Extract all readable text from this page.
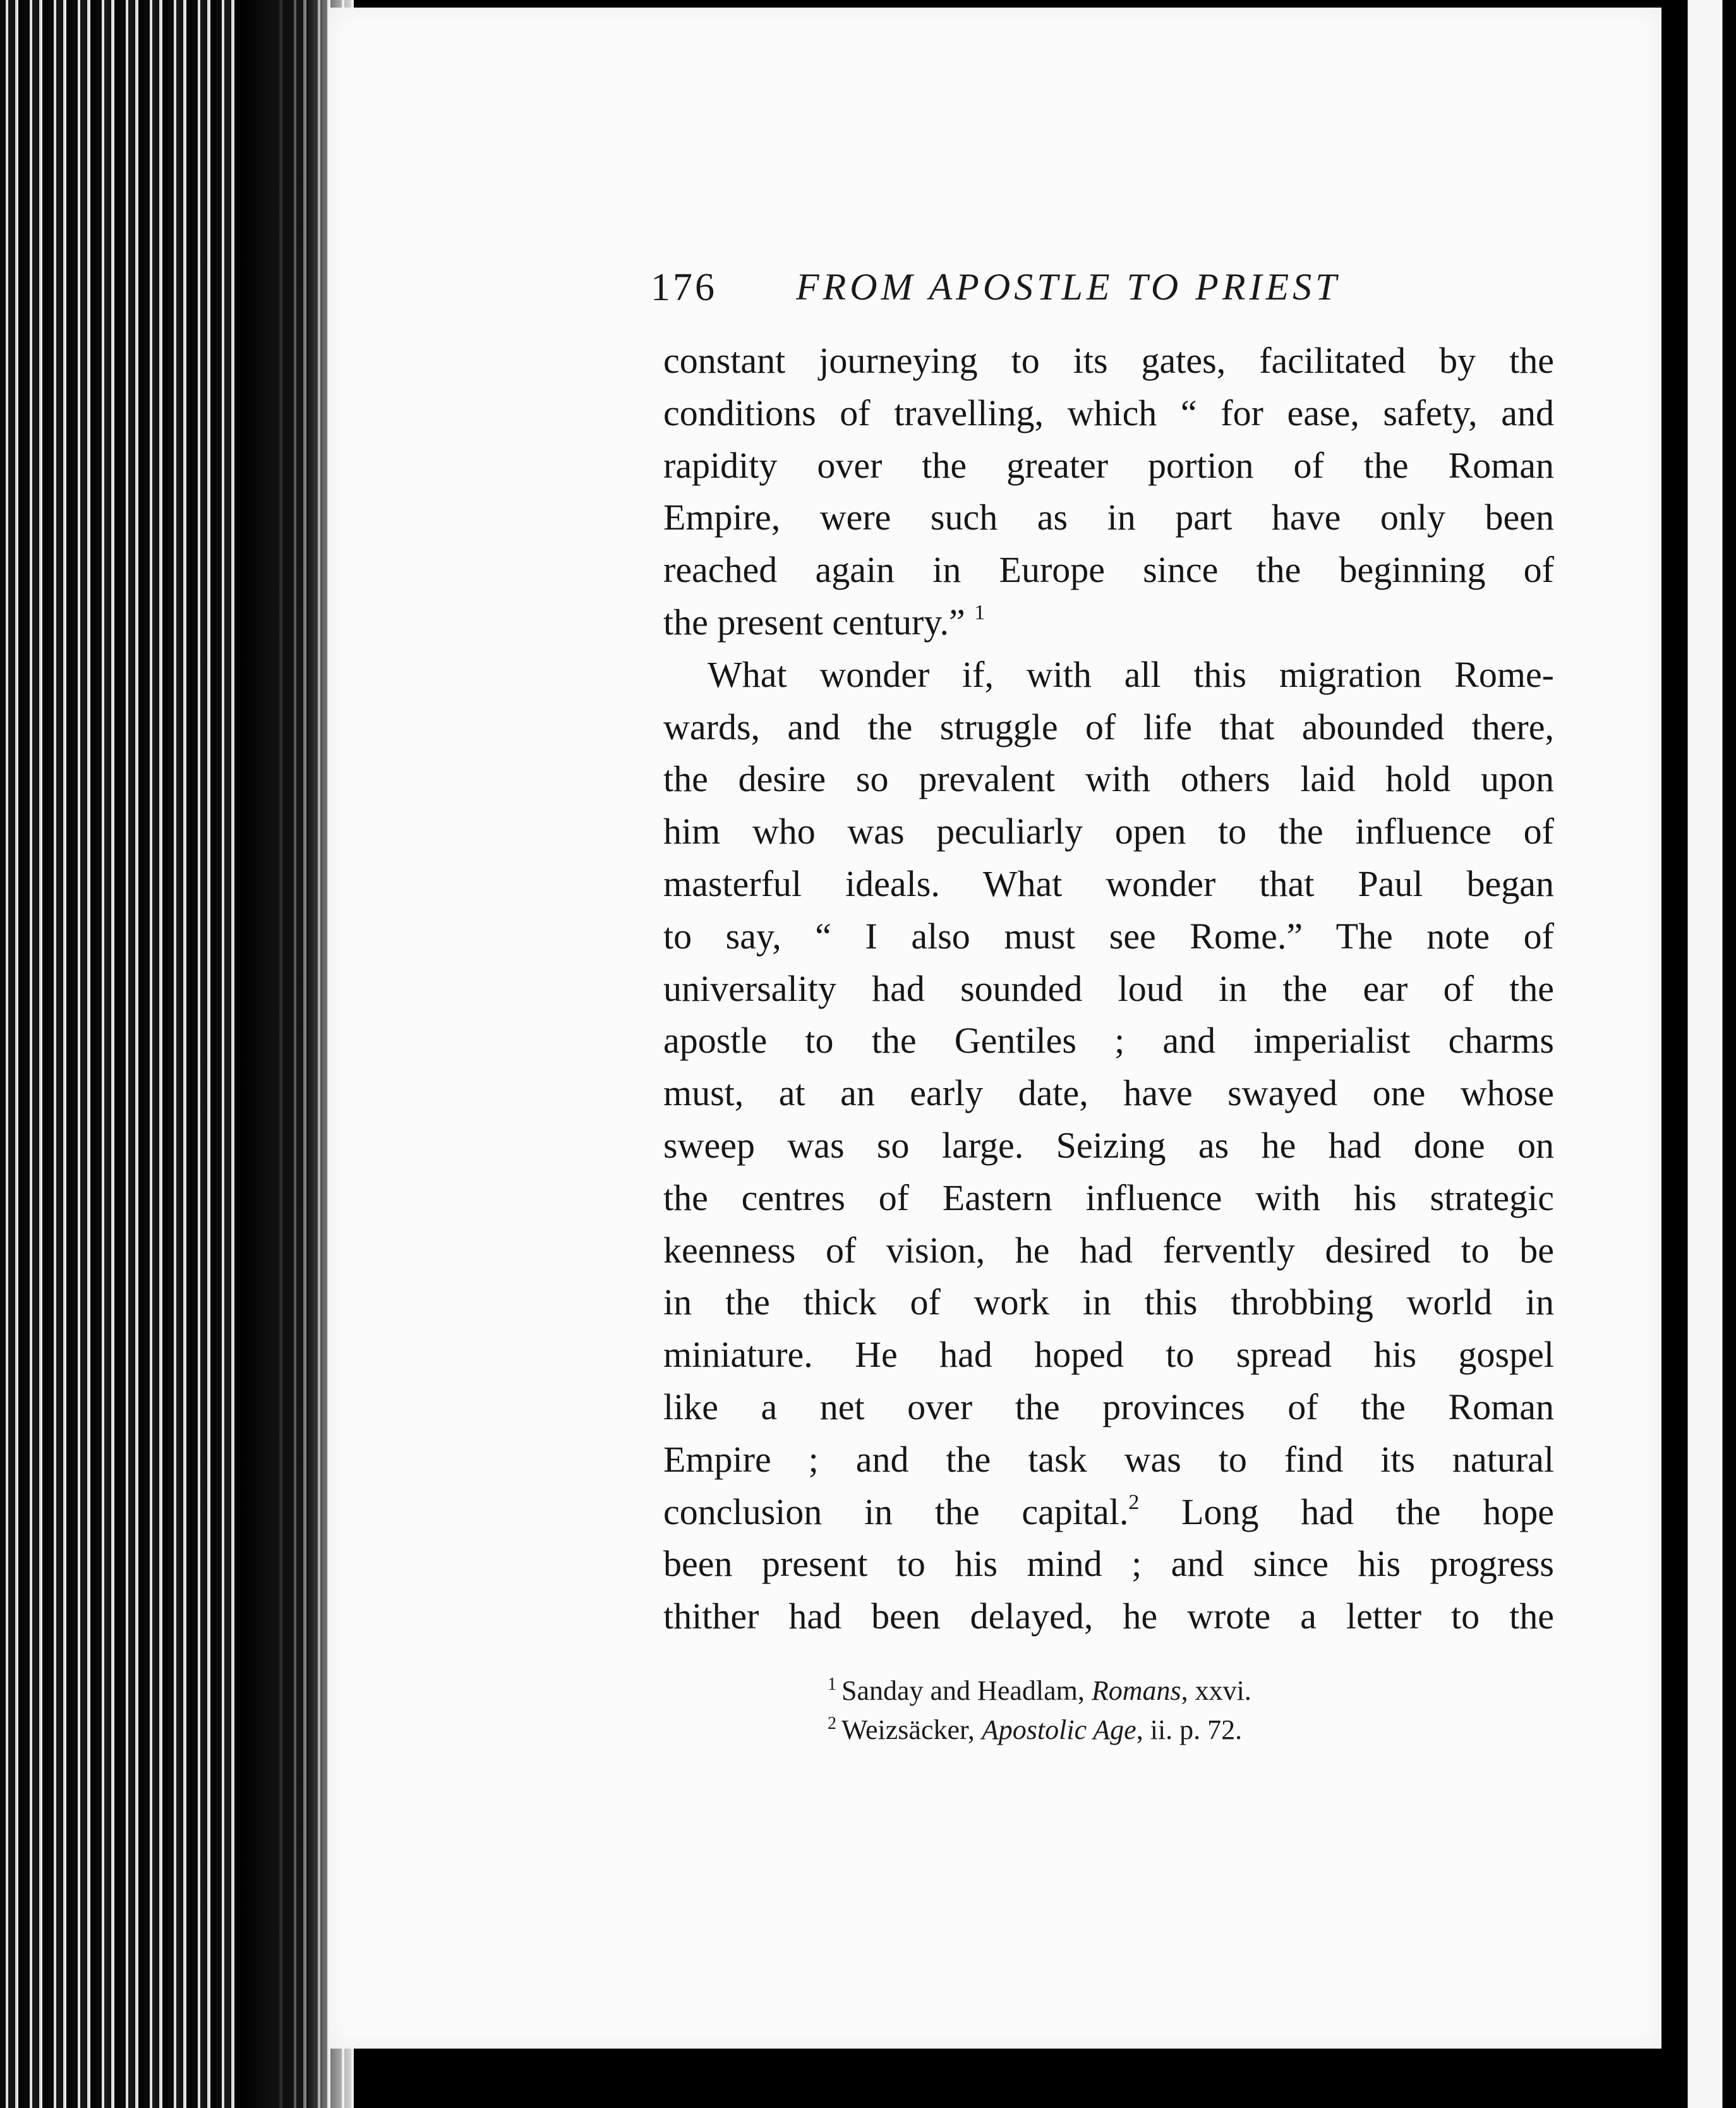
176 FROM APOSTLE TO PRIEST
constant journeying to its gates, facilitated by the
conditions of travelling, which “ for ease, safety, and
rapidity over the greater portion of the Roman
Empire, were such as in part have only been
reached again in Europe since the beginning of
the present century.” $^1$
What wonder if, with all this migration Rome-
wards, and the struggle of life that abounded there,
the desire so prevalent with others laid hold upon
him who was peculiarly open to the influence of
masterful ideals. What wonder that Paul began
to say, “ I also must see Rome.” The note of
universality had sounded loud in the ear of the
apostle to the Gentiles ; and imperialist charms
must, at an early date, have swayed one whose
sweep was so large. Seizing as he had done on
the centres of Eastern influence with his strategic
keenness of vision, he had fervently desired to be
in the thick of work in this throbbing world in
miniature. He had hoped to spread his gospel
like a net over the provinces of the Roman
Empire ; and the task was to find its natural
conclusion in the capital.$^2$ Long had the hope
been present to his mind ; and since his progress
thither had been delayed, he wrote a letter to the
$^1$ Sanday and Headlam, Romans, xxvi.
$^2$ Weizsäcker, Apostolic Age, ii. p. 72.
